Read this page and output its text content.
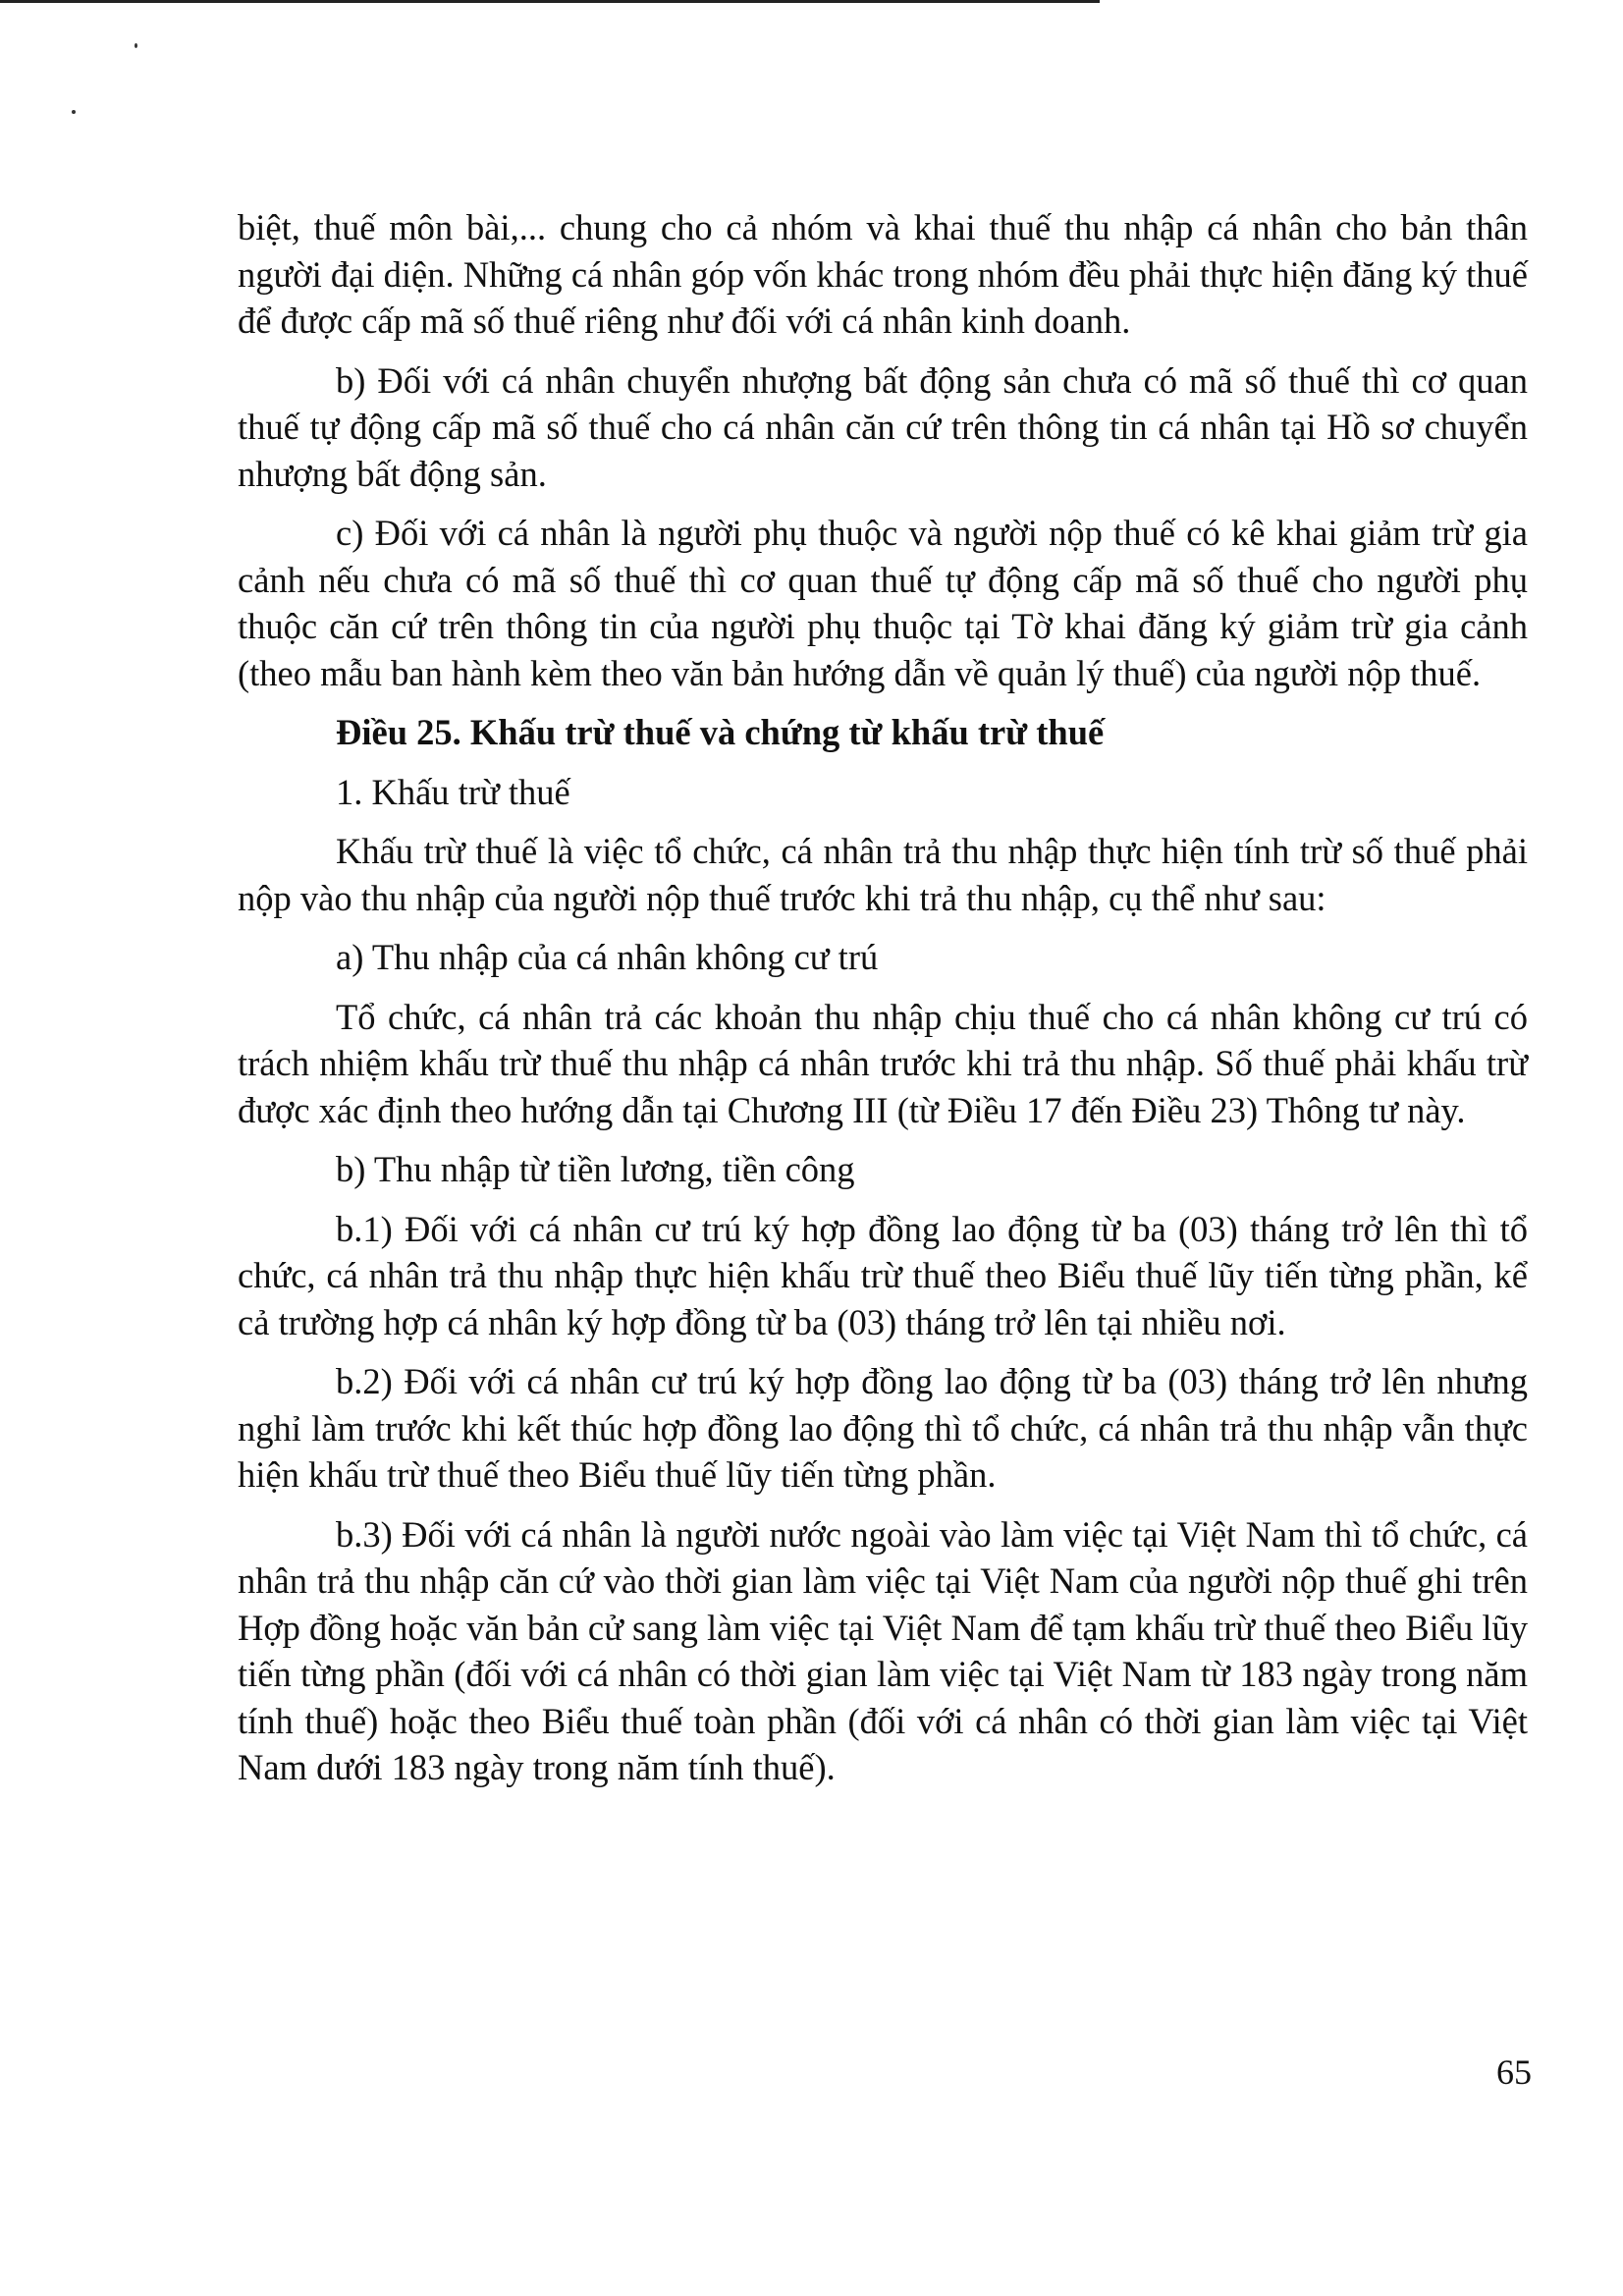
biệt, thuế môn bài,... chung cho cả nhóm và khai thuế thu nhập cá nhân cho bản thân người đại diện. Những cá nhân góp vốn khác trong nhóm đều phải thực hiện đăng ký thuế để được cấp mã số thuế riêng như đối với cá nhân kinh doanh.

b) Đối với cá nhân chuyển nhượng bất động sản chưa có mã số thuế thì cơ quan thuế tự động cấp mã số thuế cho cá nhân căn cứ trên thông tin cá nhân tại Hồ sơ chuyển nhượng bất động sản.

c) Đối với cá nhân là người phụ thuộc và người nộp thuế có kê khai giảm trừ gia cảnh nếu chưa có mã số thuế thì cơ quan thuế tự động cấp mã số thuế cho người phụ thuộc căn cứ trên thông tin của người phụ thuộc tại Tờ khai đăng ký giảm trừ gia cảnh (theo mẫu ban hành kèm theo văn bản hướng dẫn về quản lý thuế) của người nộp thuế.

Điều 25. Khấu trừ thuế và chứng từ khấu trừ thuế

1. Khấu trừ thuế

Khấu trừ thuế là việc tổ chức, cá nhân trả thu nhập thực hiện tính trừ số thuế phải nộp vào thu nhập của người nộp thuế trước khi trả thu nhập, cụ thể như sau:

a) Thu nhập của cá nhân không cư trú

Tổ chức, cá nhân trả các khoản thu nhập chịu thuế cho cá nhân không cư trú có trách nhiệm khấu trừ thuế thu nhập cá nhân trước khi trả thu nhập. Số thuế phải khấu trừ được xác định theo hướng dẫn tại Chương III (từ Điều 17 đến Điều 23) Thông tư này.

b) Thu nhập từ tiền lương, tiền công

b.1) Đối với cá nhân cư trú ký hợp đồng lao động từ ba (03) tháng trở lên thì tổ chức, cá nhân trả thu nhập thực hiện khấu trừ thuế theo Biểu thuế lũy tiến từng phần, kể cả trường hợp cá nhân ký hợp đồng từ ba (03) tháng trở lên tại nhiều nơi.

b.2) Đối với cá nhân cư trú ký hợp đồng lao động từ ba (03) tháng trở lên nhưng nghỉ làm trước khi kết thúc hợp đồng lao động thì tổ chức, cá nhân trả thu nhập vẫn thực hiện khấu trừ thuế theo Biểu thuế lũy tiến từng phần.

b.3) Đối với cá nhân là người nước ngoài vào làm việc tại Việt Nam thì tổ chức, cá nhân trả thu nhập căn cứ vào thời gian làm việc tại Việt Nam của người nộp thuế ghi trên Hợp đồng hoặc văn bản cử sang làm việc tại Việt Nam để tạm khấu trừ thuế theo Biểu lũy tiến từng phần (đối với cá nhân có thời gian làm việc tại Việt Nam từ 183 ngày trong năm tính thuế) hoặc theo Biểu thuế toàn phần (đối với cá nhân có thời gian làm việc tại Việt Nam dưới 183 ngày trong năm tính thuế).

65
